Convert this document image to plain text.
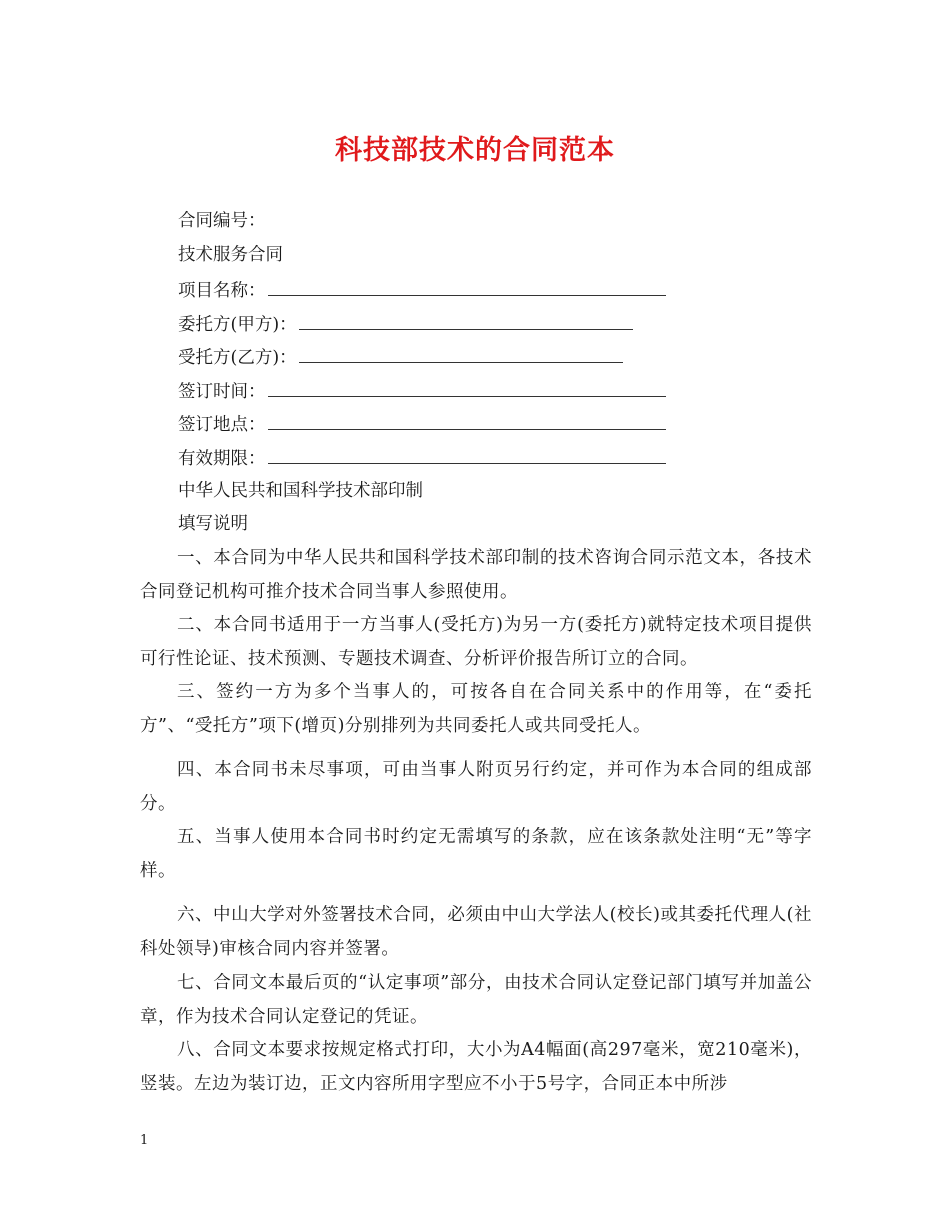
科技部技术的合同范本
合同编号：
技术服务合同
项目名称：
委托方(甲方)：
受托方(乙方)：
签订时间：
签订地点：
有效期限：
中华人民共和国科学技术部印制
填写说明
一、本合同为中华人民共和国科学技术部印制的技术咨询合同示范文本，各技术合同登记机构可推介技术合同当事人参照使用。
二、本合同书适用于一方当事人(受托方)为另一方(委托方)就特定技术项目提供可行性论证、技术预测、专题技术调查、分析评价报告所订立的合同。
三、签约一方为多个当事人的，可按各自在合同关系中的作用等，在“委托方”、“受托方”项下(增页)分别排列为共同委托人或共同受托人。
四、本合同书未尽事项，可由当事人附页另行约定，并可作为本合同的组成部分。
五、当事人使用本合同书时约定无需填写的条款，应在该条款处注明“无”等字样。
六、中山大学对外签署技术合同，必须由中山大学法人(校长)或其委托代理人(社科处领导)审核合同内容并签署。
七、合同文本最后页的“认定事项”部分，由技术合同认定登记部门填写并加盖公章，作为技术合同认定登记的凭证。
八、合同文本要求按规定格式打印，大小为A4幅面(高297毫米，宽210毫米)，竖装。左边为装订边，正文内容所用字型应不小于5号字，合同正本中所涉
1
